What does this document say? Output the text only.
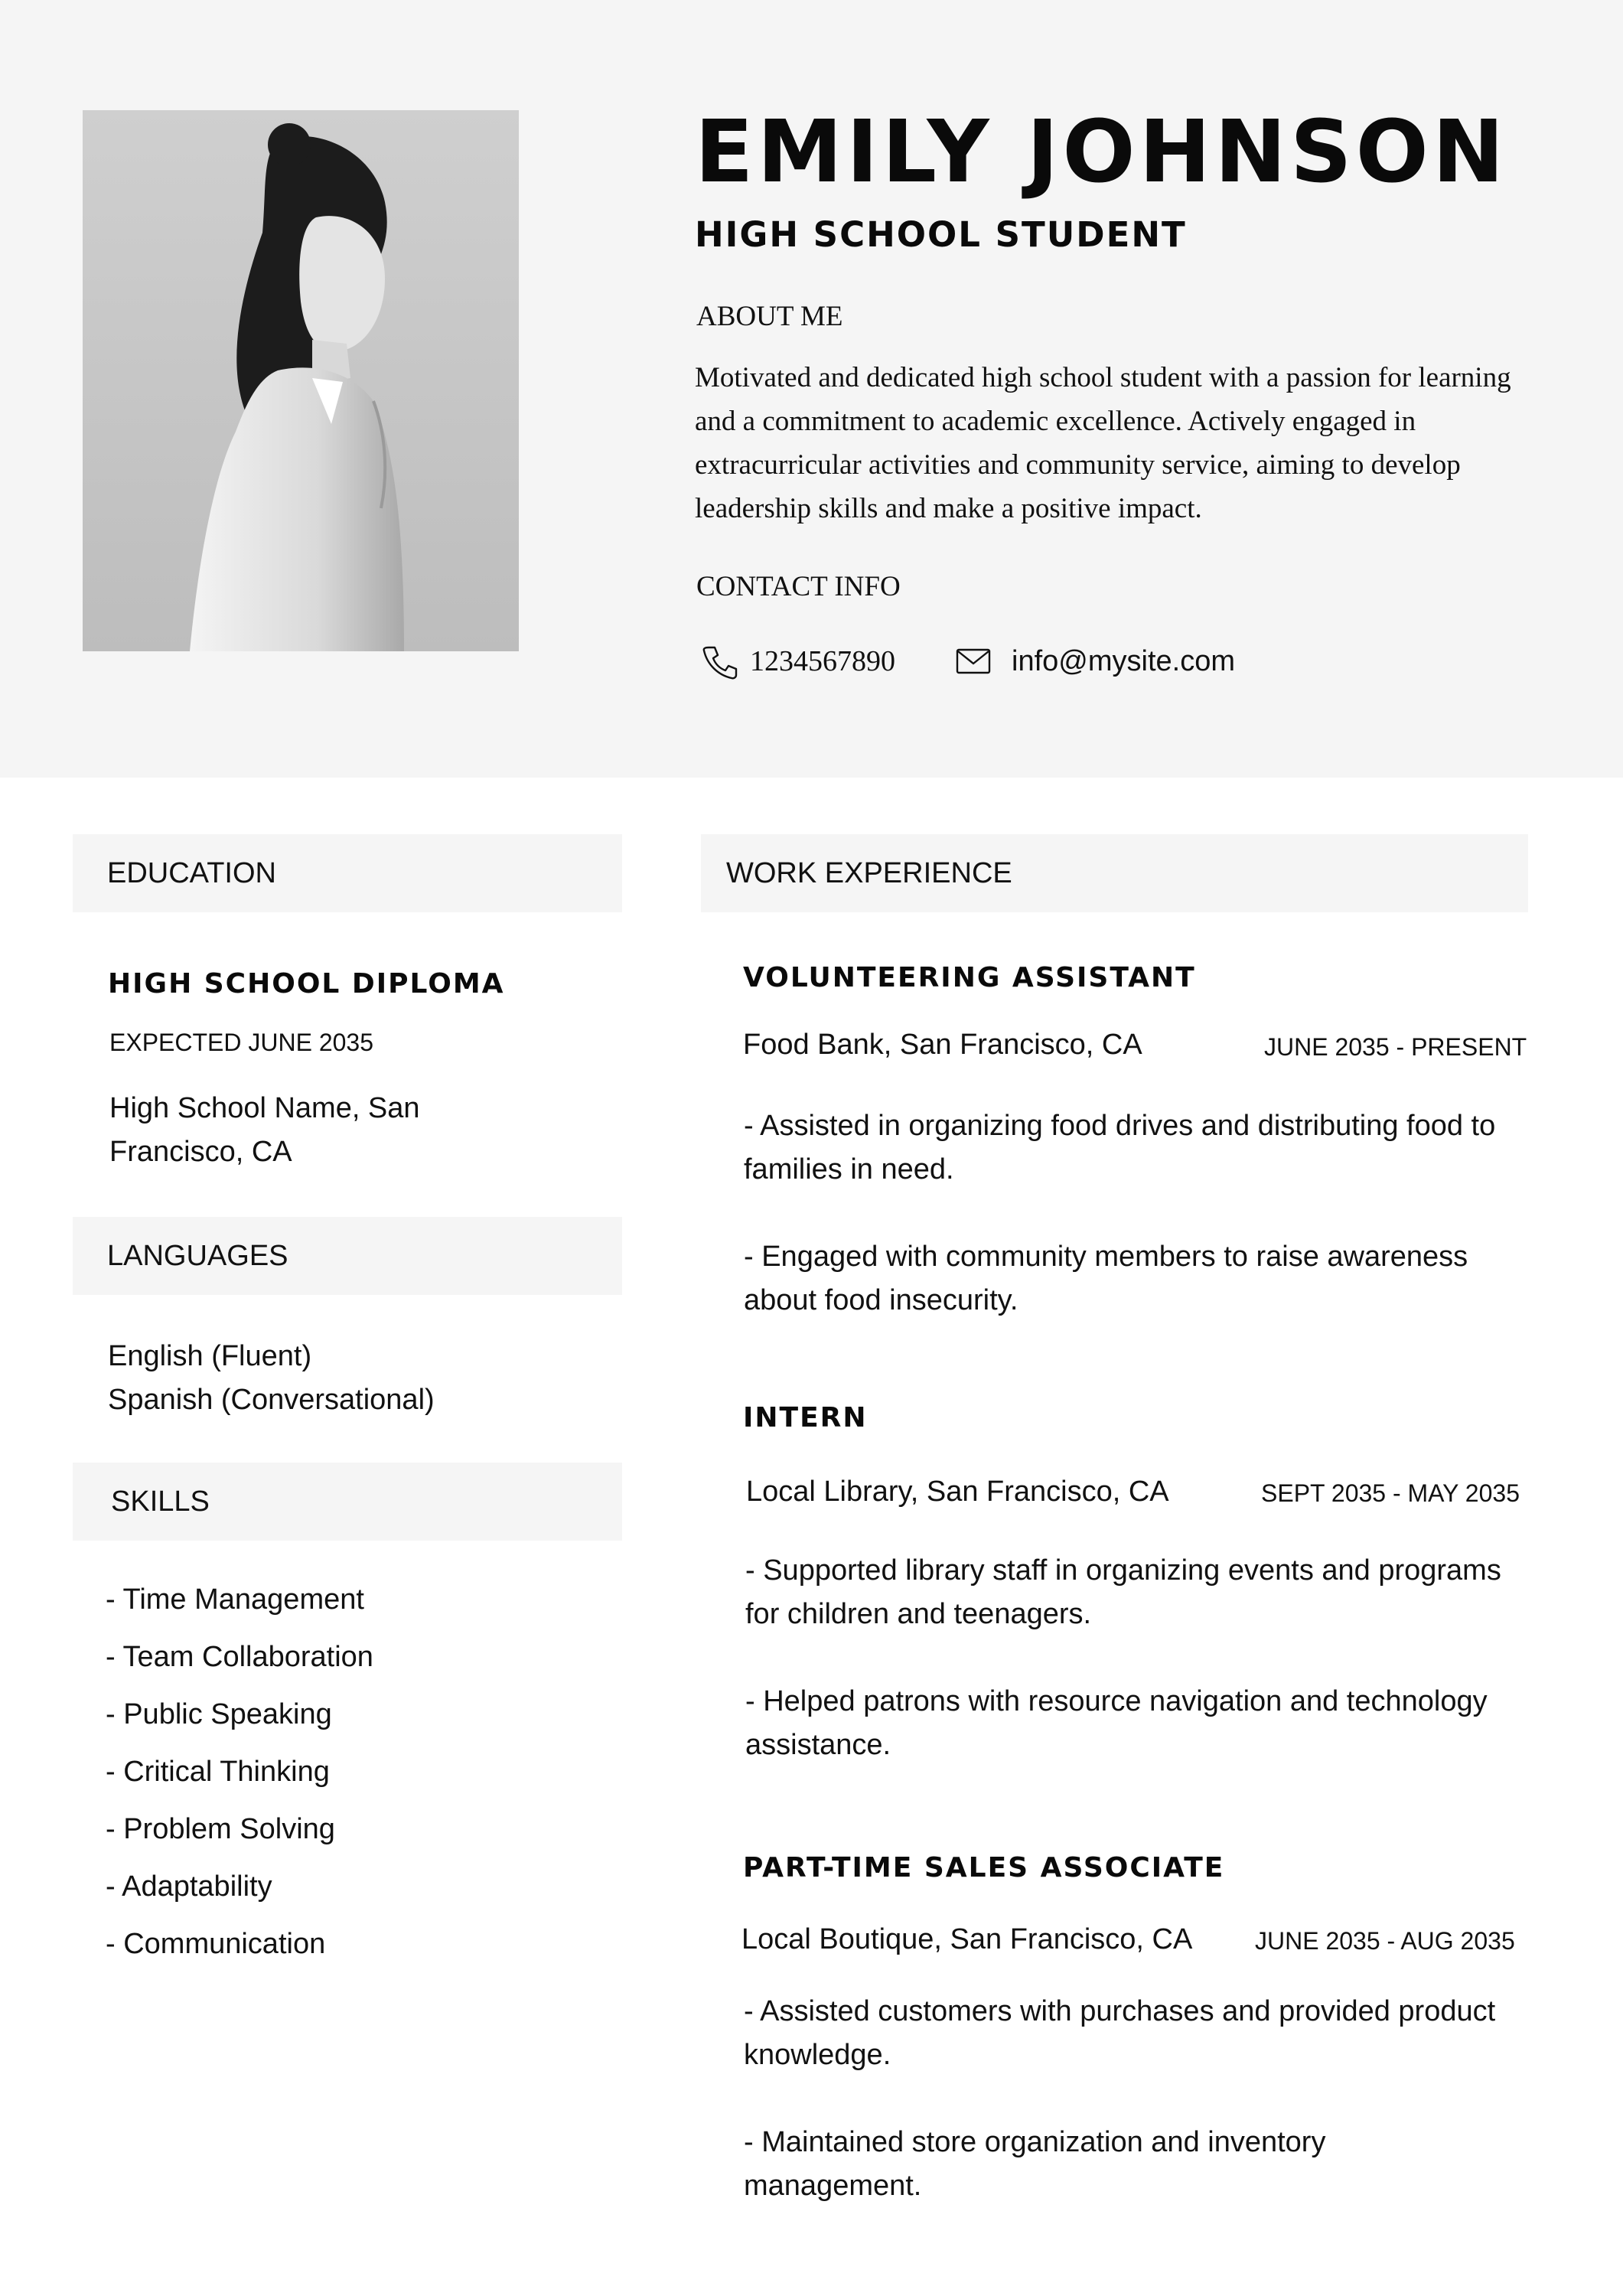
EMILY JOHNSON
HIGH SCHOOL STUDENT
ABOUT ME

Motivated and dedicated high school student with a passion for learning and a commitment to academic excellence. Actively engaged in extracurricular activities and community service, aiming to develop leadership skills and make a positive impact.

CONTACT INFO
1234567890	info@mysite.com
EDUCATION
HIGH SCHOOL DIPLOMA

EXPECTED JUNE 2035

High School Name, San
Francisco, CA
LANGUAGES
English (Fluent)
Spanish (Conversational)
SKILLS
- Time Management
- Team Collaboration
- Public Speaking
- Critical Thinking
- Problem Solving
- Adaptability
- Communication
WORK EXPERIENCE
VOLUNTEERING ASSISTANT
Food Bank, San Francisco, CA	JUNE 2035 - PRESENT

- Assisted in organizing food drives and distributing food to families in need.

- Engaged with community members to raise awareness about food insecurity.

INTERN
Local Library, San Francisco, CA	SEPT 2035 - MAY 2035

- Supported library staff in organizing events and programs for children and teenagers.

- Helped patrons with resource navigation and technology assistance.

PART-TIME SALES ASSOCIATE
Local Boutique, San Francisco, CA	JUNE 2035 - AUG 2035

- Assisted customers with purchases and provided product knowledge.

- Maintained store organization and inventory management.
